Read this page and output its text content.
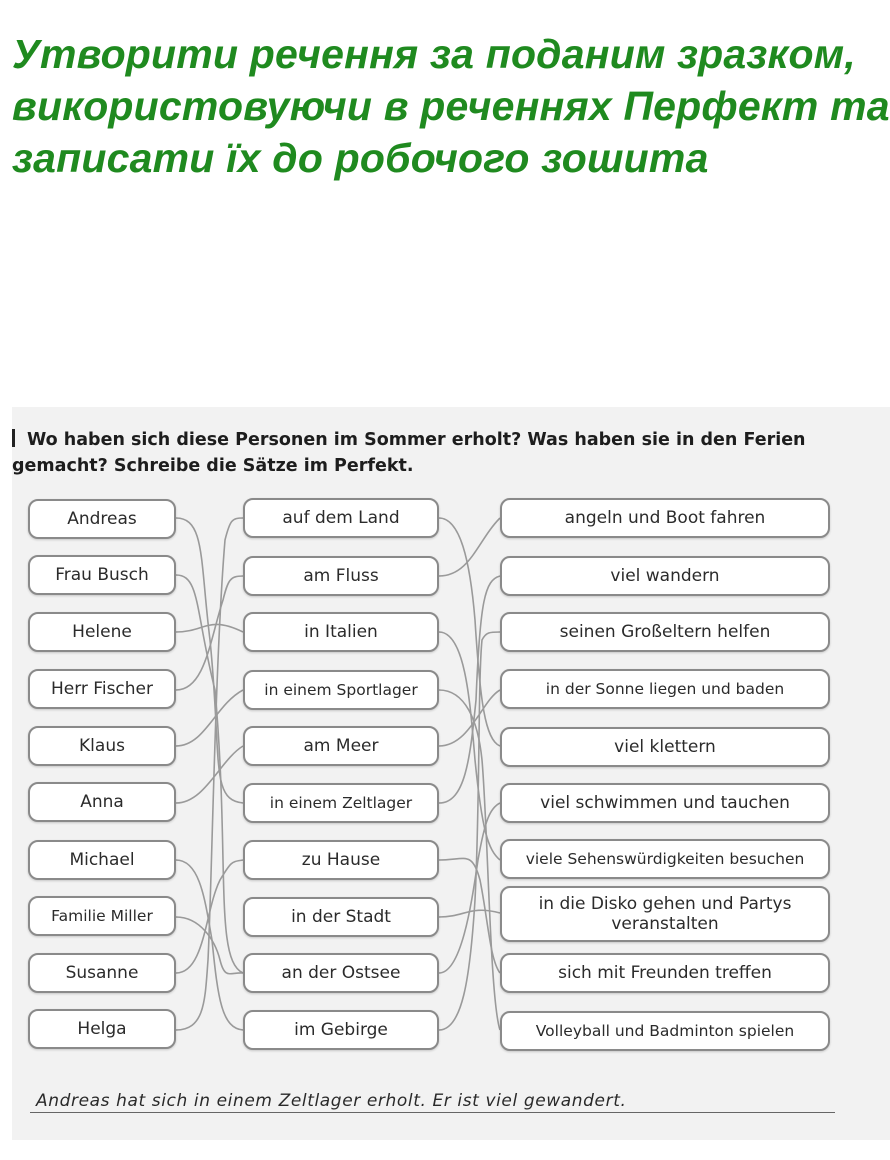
Утворити речення за поданим зразком,
використовуючи в реченнях Перфект та
записати їх до робочого зошита
Wo haben sich diese Personen im Sommer erholt? Was haben sie in den Ferien
gemacht? Schreibe die Sätze im Perfekt.
Andreas
Frau Busch
Helene
Herr Fischer
Klaus
Anna
Michael
Familie Miller
Susanne
Helga
auf dem Land
am Fluss
in Italien
in einem Sportlager
am Meer
in einem Zeltlager
zu Hause
in der Stadt
an der Ostsee
im Gebirge
angeln und Boot fahren
viel wandern
seinen Großeltern helfen
in der Sonne liegen und baden
viel klettern
viel schwimmen und tauchen
viele Sehenswürdigkeiten besuchen
in die Disko gehen und Partys veranstalten
sich mit Freunden treffen
Volleyball und Badminton spielen
Andreas hat sich in einem Zeltlager erholt. Er ist viel gewandert.
